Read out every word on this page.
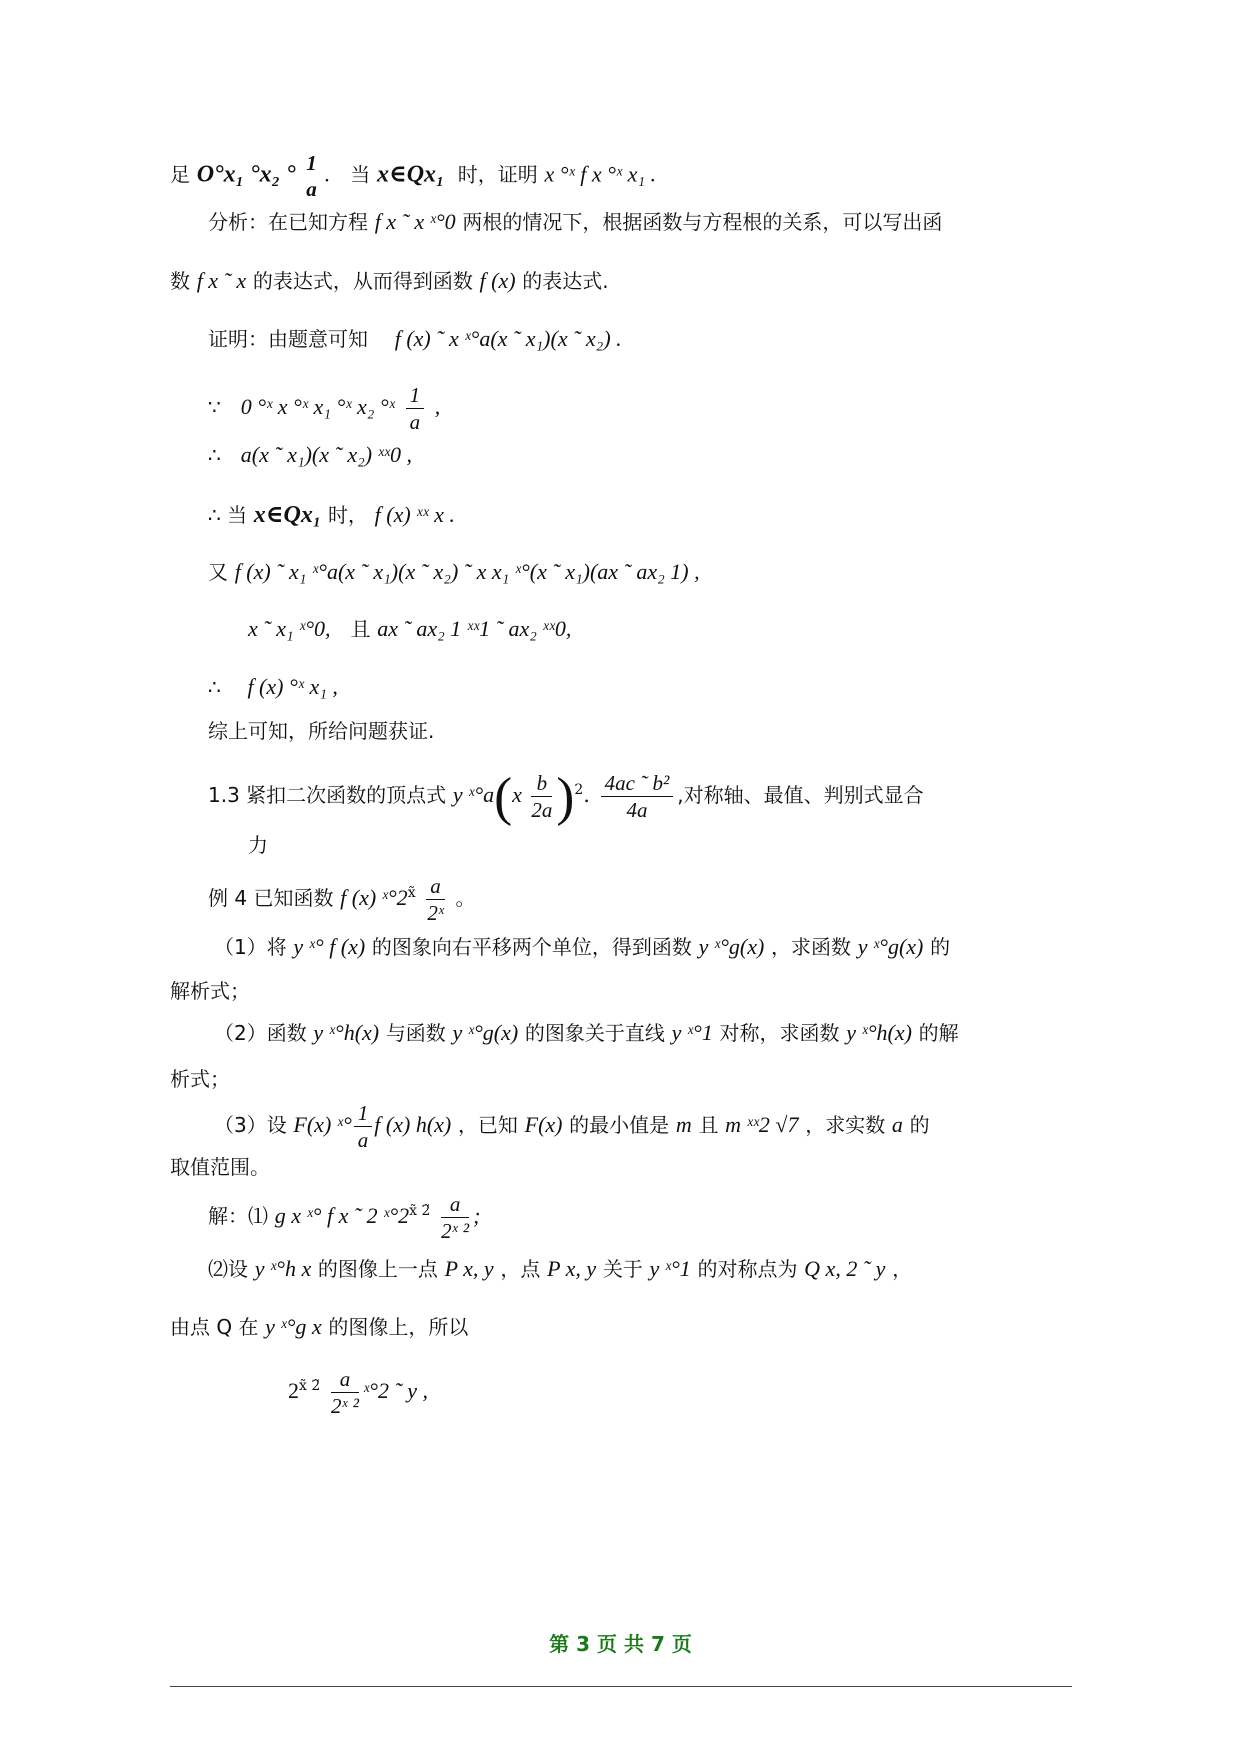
足 O°x₁ °x₂ ° 1
a
. 当 x∈Qx₁ 时，证明 x °ˣ f x °ˣ x₁ .
分析：在已知方程 f x ˜ x ˣ°0 两根的情况下，根据函数与方程根的关系，可以写出函
数 f x ˜ x 的表达式，从而得到函数 f (x) 的表达式.
证明：由题意可知 f (x) ˜ x ˣ°a(x ˜ x₁)(x ˜ x₂) .
∵ 0 °ˣ x °ˣ x₁ °ˣ x₂ °ˣ $\frac{1}{a}$ ,
∴ a(x ˜ x₁)(x ˜ x₂) ˣˣ0 ,
∴ 当 x∈Qx₁ 时， f (x) ˣˣ x .
又 f (x) ˜ x₁ ˣ°a(x ˜ x₁)(x ˜ x₂) ˜ x x₁ ˣ°(x ˜ x₁)(ax ˜ ax₂ 1) ,
x ˜ x₁ ˣ°0, 且 ax ˜ ax₂ 1 ˣˣ1 ˜ ax₂ ˣˣ0,
∴ f (x) °ˣ x₁ ,
综上可知，所给问题获证.
1.3 紧扣二次函数的顶点式 y ˣ°a(x $\frac{b}{2a} )^2$. $\frac{\text{4ac ˜ b²}}{4a}$ ,对称轴、最值、判别式显合
力
例 4 已知函数 f (x) $ˣ^\circ 2^{x̃} \frac{a}{\text{2ˣ}}$ 。
（1）将 y ˣ° f (x) 的图象向右平移两个单位，得到函数 y ˣ°g(x) ，求函数 y ˣ°g(x) 的
解析式；
（2）函数 y ˣ°h(x) 与函数 y ˣ°g(x) 的图象关于直线 y ˣ°1 对称，求函数 y ˣ°h(x) 的解
析式；
（3）设 F(x) ˣ° $\frac{1}{a}$ f (x) h(x) ，已知 F(x) 的最小值是 m 且 m ˣˣ2 √7 ，求实数 a 的
取值范围。
解：⑴ g x ˣ° f x ˜ 2 $ˣ^\circ 2^{x̃ 2̃} \frac{a}{\text{2ˣ ²}}$ ;
⑵设 y ˣ°h x 的图像上一点 P x, y ，点 P x, y 关于 y ˣ°1 的对称点为 Q x, 2 ˜ y ，
由点 Q 在 y ˣ°g x 的图像上，所以
$2^{x̃ 2̃} \frac{a}{\text{2ˣ ²}}$ ˣ°2 ˜ y ,
第 3 页 共 7 页
